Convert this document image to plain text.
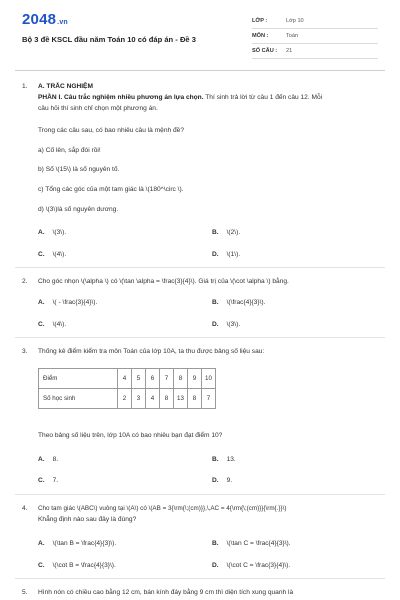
2048.vn
Bộ 3 đề KSCL đầu năm Toán 10 có đáp án - Đề 3
LỚP :	Lớp 10
MÔN :	Toán
SỐ CÂU : 21
1. A. TRẮC NGHIỆM
PHẦN I. Câu trắc nghiệm nhiều phương án lựa chọn. Thí sinh trả lời từ câu 1 đến câu 12. Mỗi
câu hỏi thí sinh chỉ chọn một phương án.
Trong các câu sau, có bao nhiêu câu là mệnh đề?
a) Cố lên, sắp đói rồi!
b) Số \(15\) là số nguyên tố.
c) Tổng các góc của một tam giác là \(180^\circ \).
d) \(3\)là số nguyên dương.
A. \(3\).	B. \(2\).
C. \(4\).	D. \(1\).
2. Cho góc nhọn \(\alpha \) có \(\tan \alpha = \frac{3}{4}\). Giá trị của \(\cot \alpha \) bằng.
A. \( - \frac{3}{4}\).	B. \(\frac{4}{3}\).
C. \(4\).	D. \(3\).
3. Thống kê điểm kiểm tra môn Toán của lớp 10A, ta thu được bảng số liệu sau:
Điểm	4	5	6	7	8	9	10
Số học sinh	2	3	4	8	13	8	7
Theo bảng số liệu trên, lớp 10A có bao nhiêu bạn đạt điểm 10?
A. 8.	B. 13.
C. 7.	D. 9.
4. Cho tam giác \(ABC\) vuông tại \(A\) có \(AB = 3{\rm{\;(cm)}},\,AC = 4{\rm{\;(cm)}}{\rm{.}}\)
Khẳng định nào sau đây là đúng?
A. \(\tan B = \frac{4}{3}\).	B. \(\tan C = \frac{4}{3}\).
C. \(\cot B = \frac{4}{3}\).	D. \(\cot C = \frac{3}{4}\).
5. Hình nón có chiều cao bằng 12 cm, bán kính đáy bằng 9 cm thì diện tích xung quanh là
